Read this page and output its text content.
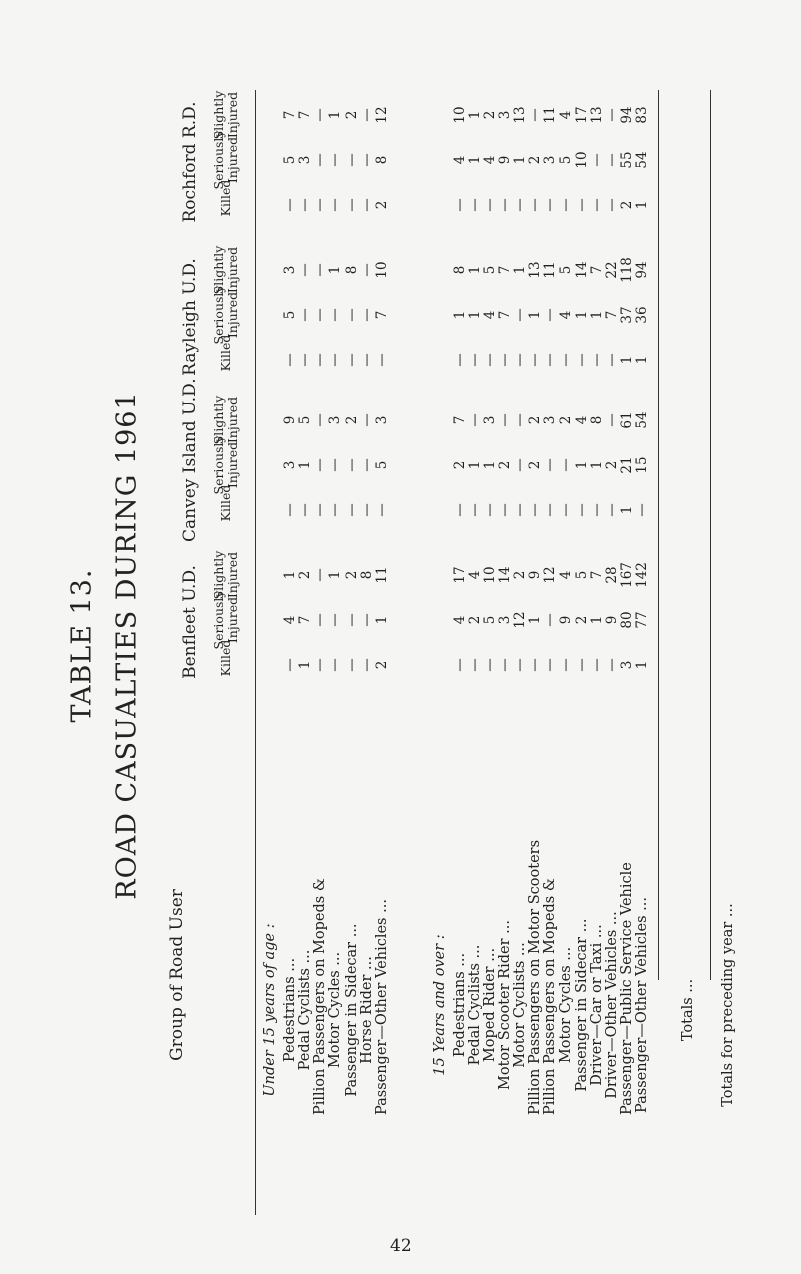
TABLE 13. ROAD CASUALTIES DURING 1961
Group of Road User
Benfleet U.D.
Canvey Island U.D.
Rayleigh U.D.
Rochford R.D.
Killed
Seriously Injured
Slightly Injured
Killed
Seriously Injured
Slightly Injured
Killed
Seriously Injured
Slightly Injured
Killed
Seriously Injured
Slightly Injured
Under 15 years of age : Pedestrians ... Pedal Cyclists ... Pillion Passengers on Mopeds & Motor Cycles ... Passenger in Sidecar ... Horse Rider ... Passenger—Other Vehicles ...	15 Years and over : Pedestrians ... Pedal Cyclists ... Moped Rider ... Motor Scooter Rider ... Motor Cyclists ... Pillion Passengers on Motor Scooters Pillion Passengers on Mopeds & Motor Cycles ... Passenger in Sidecar ... Driver—Car or Taxi ... Driver—Other Vehicles ... Passenger—Public Service Vehicle Passenger—Other Vehicles ... Totals ... Totals for preceding year ...
—
4
1
—
3
9
—
5
3
—
5
7
1
7
2
—
1
5
—
—
—
—
3
7
—
—
—
—
—
—
—
—
—
—
—
—
—
—
1
—
—
3
—
—
1
—
—
1
—
—
2
—
—
2
—
—
8
—
—
2
—
—
8
—
—
—
—
—
—
—
—
—
2
1
11
—
5
3
—
7
10
2
8
12
—
4
17
—
2
7
—
1
8
—
4
10
—
2
4
—
1
—
—
1
1
—
1
1
—
5
10
—
1
3
—
4
5
—
4
2
—
3
14
—
2
—
—
7
7
—
9
3
—
12
2
—
—
—
—
—
1
—
1
13
—
1
9
—
2
2
—
1
13
—
2
—
—
—
12
—
—
3
—
—
11
—
3
11
—
9
4
—
—
2
—
4
5
—
5
4
—
2
5
—
1
4
—
1
14
—
10
17
—
1
7
—
1
8
—
1
7
—
—
13
—
9
28
—
2
—
—
7
22
—
—
—
3
80
167
1
21
61
1
37
118
2
55
94
1
77
142
—
15
54
1
36
94
1
54
83
42
